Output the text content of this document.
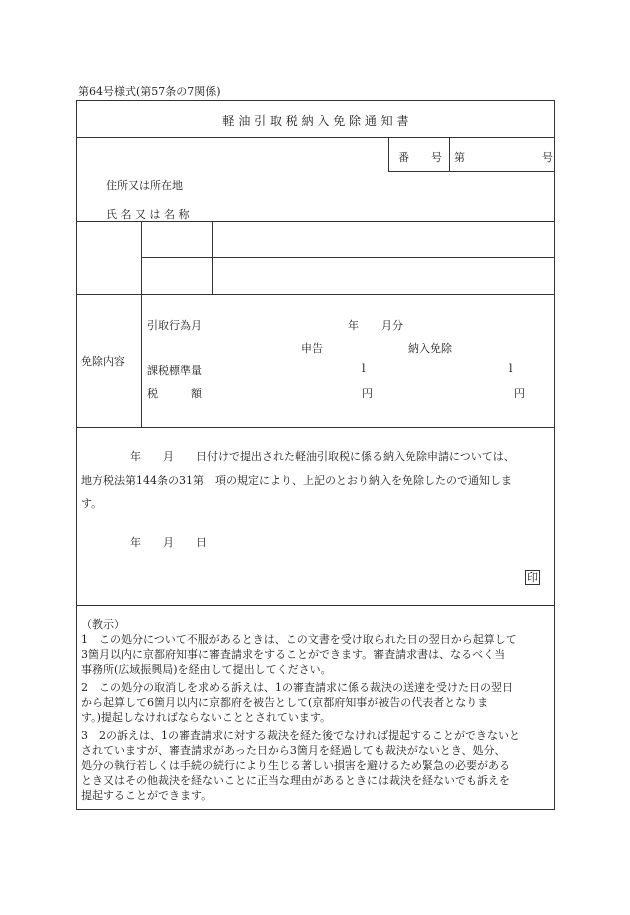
第64号様式(第57条の7関係)
軽 油 引 取 税 納 入 免 除 通 知 書
番　　号 第　　　　　　　号
住所又は所在地
氏 名 又 は 名 称
免除内容
引取行為月	年　　月分
申告	納入免除
課税標準量	l	l
税　　　額	円	円
年　　月　　日付けで提出された軽油引取税に係る納入免除申請については、
地方税法第144条の31第　項の規定により、上記のとおり納入を免除したので通知しま
す。
年　　月　　日
印
（教示）
1　この処分について不服があるときは、この文書を受け取られた日の翌日から起算して
3箇月以内に京都府知事に審査請求をすることができます。審査請求書は、なるべく当
事務所(広域振興局)を経由して提出してください。
2　この処分の取消しを求める訴えは、1の審査請求に係る裁決の送達を受けた日の翌日
から起算して6箇月以内に京都府を被告として(京都府知事が被告の代表者となりま
す。)提起しなければならないこととされています。
3　2の訴えは、1の審査請求に対する裁決を経た後でなければ提起することができないと
されていますが、審査請求があった日から3箇月を経過しても裁決がないとき、処分、
処分の執行若しくは手続の続行により生じる著しい損害を避けるため緊急の必要がある
とき又はその他裁決を経ないことに正当な理由があるときには裁決を経ないでも訴えを
提起することができます。
